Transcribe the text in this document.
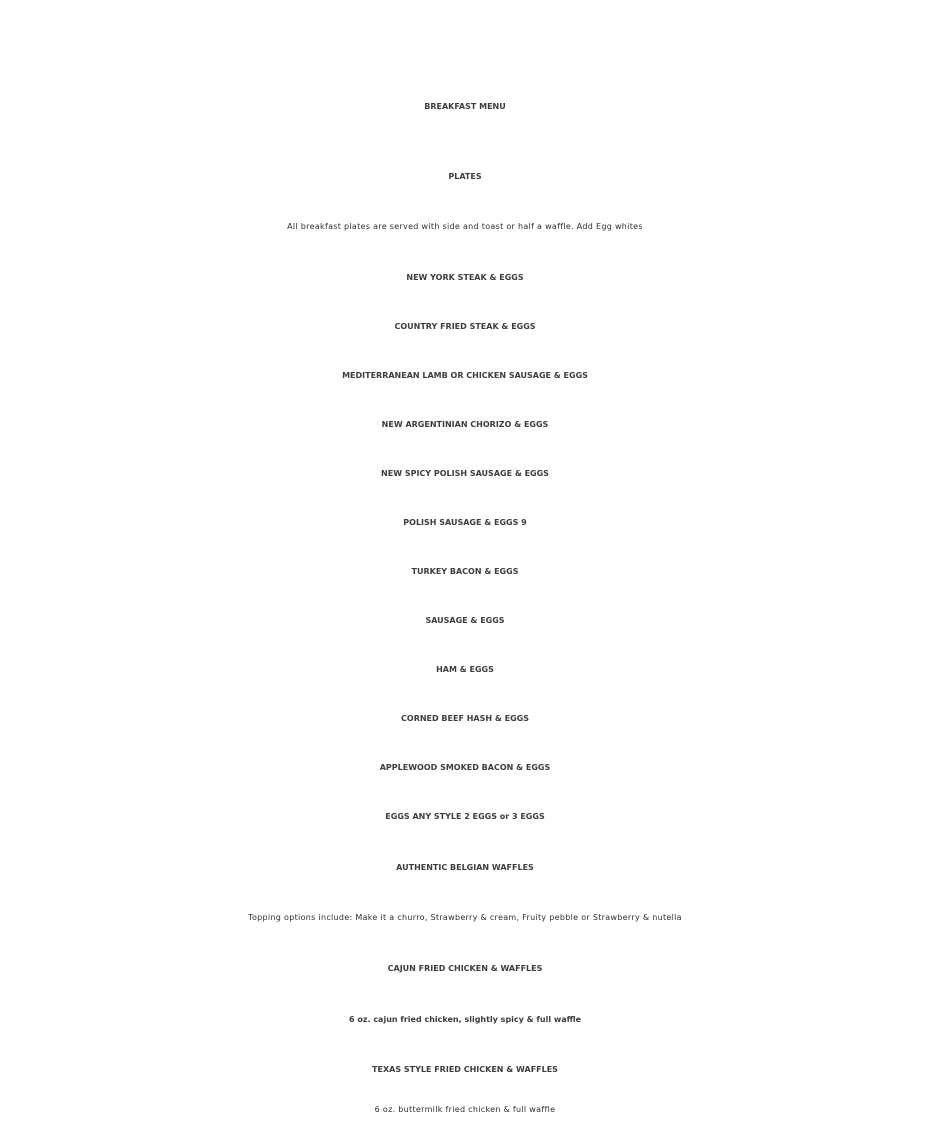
BREAKFAST MENU
PLATES

All breakfast plates are served with side and toast or half a waffle. Add Egg whites

NEW YORK STEAK & EGGS

COUNTRY FRIED STEAK & EGGS

MEDITERRANEAN LAMB OR CHICKEN SAUSAGE & EGGS

NEW ARGENTINIAN CHORIZO & EGGS

NEW SPICY POLISH SAUSAGE & EGGS

POLISH SAUSAGE & EGGS 9

TURKEY BACON & EGGS

SAUSAGE & EGGS

HAM & EGGS

CORNED BEEF HASH & EGGS

APPLEWOOD SMOKED BACON & EGGS

EGGS ANY STYLE 2 EGGS or 3 EGGS

AUTHENTIC BELGIAN WAFFLES

Topping options include: Make it a churro, Strawberry & cream, Fruity pebble or Strawberry & nutella

CAJUN FRIED CHICKEN & WAFFLES

6 oz. cajun fried chicken, slightly spicy & full waffle

TEXAS STYLE FRIED CHICKEN & WAFFLES

6 oz. buttermilk fried chicken & full waffle
